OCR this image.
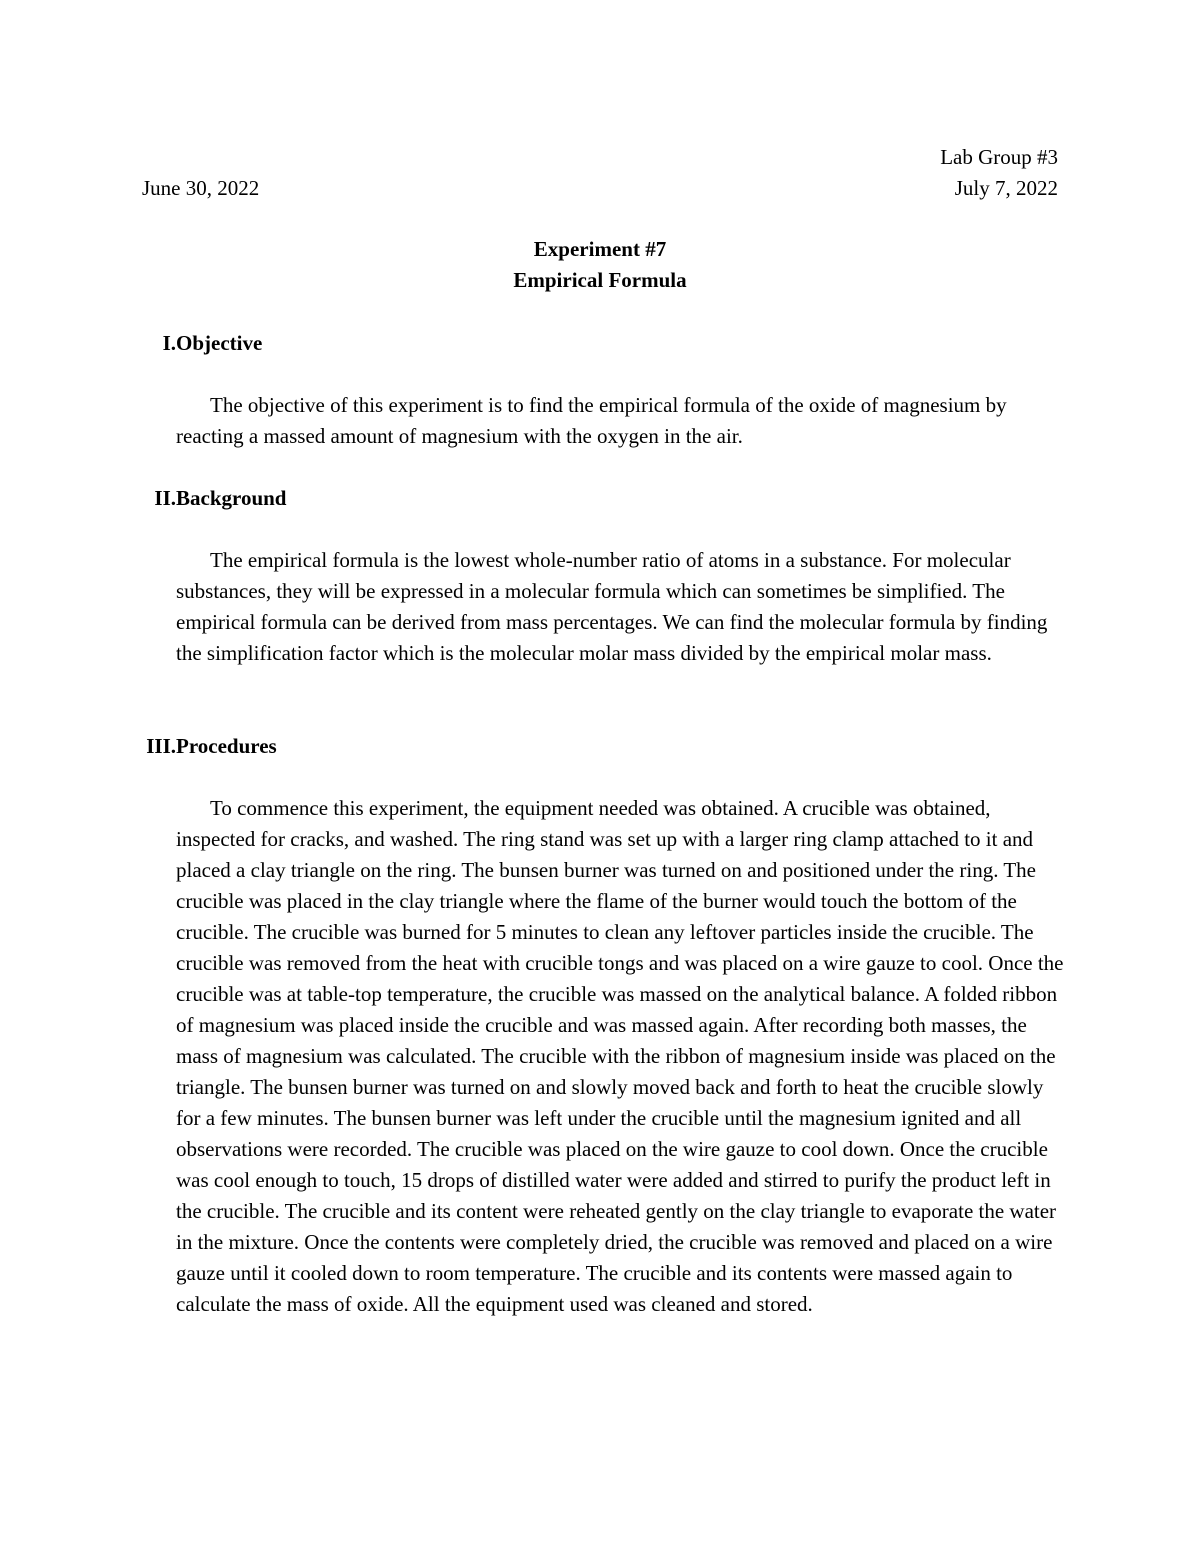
Lab Group #3
June 30, 2022	July 7, 2022
Experiment #7
Empirical Formula
I. Objective

The objective of this experiment is to find the empirical formula of the oxide of magnesium by reacting a massed amount of magnesium with the oxygen in the air.

II. Background

The empirical formula is the lowest whole-number ratio of atoms in a substance. For molecular substances, they will be expressed in a molecular formula which can sometimes be simplified. The empirical formula can be derived from mass percentages. We can find the molecular formula by finding the simplification factor which is the molecular molar mass divided by the empirical molar mass.

III. Procedures

To commence this experiment, the equipment needed was obtained. A crucible was obtained, inspected for cracks, and washed. The ring stand was set up with a larger ring clamp attached to it and placed a clay triangle on the ring. The bunsen burner was turned on and positioned under the ring. The crucible was placed in the clay triangle where the flame of the burner would touch the bottom of the crucible. The crucible was burned for 5 minutes to clean any leftover particles inside the crucible. The crucible was removed from the heat with crucible tongs and was placed on a wire gauze to cool. Once the crucible was at table-top temperature, the crucible was massed on the analytical balance. A folded ribbon of magnesium was placed inside the crucible and was massed again. After recording both masses, the mass of magnesium was calculated. The crucible with the ribbon of magnesium inside was placed on the triangle. The bunsen burner was turned on and slowly moved back and forth to heat the crucible slowly for a few minutes. The bunsen burner was left under the crucible until the magnesium ignited and all observations were recorded. The crucible was placed on the wire gauze to cool down. Once the crucible was cool enough to touch, 15 drops of distilled water were added and stirred to purify the product left in the crucible. The crucible and its content were reheated gently on the clay triangle to evaporate the water in the mixture. Once the contents were completely dried, the crucible was removed and placed on a wire gauze until it cooled down to room temperature. The crucible and its contents were massed again to calculate the mass of oxide. All the equipment used was cleaned and stored.
